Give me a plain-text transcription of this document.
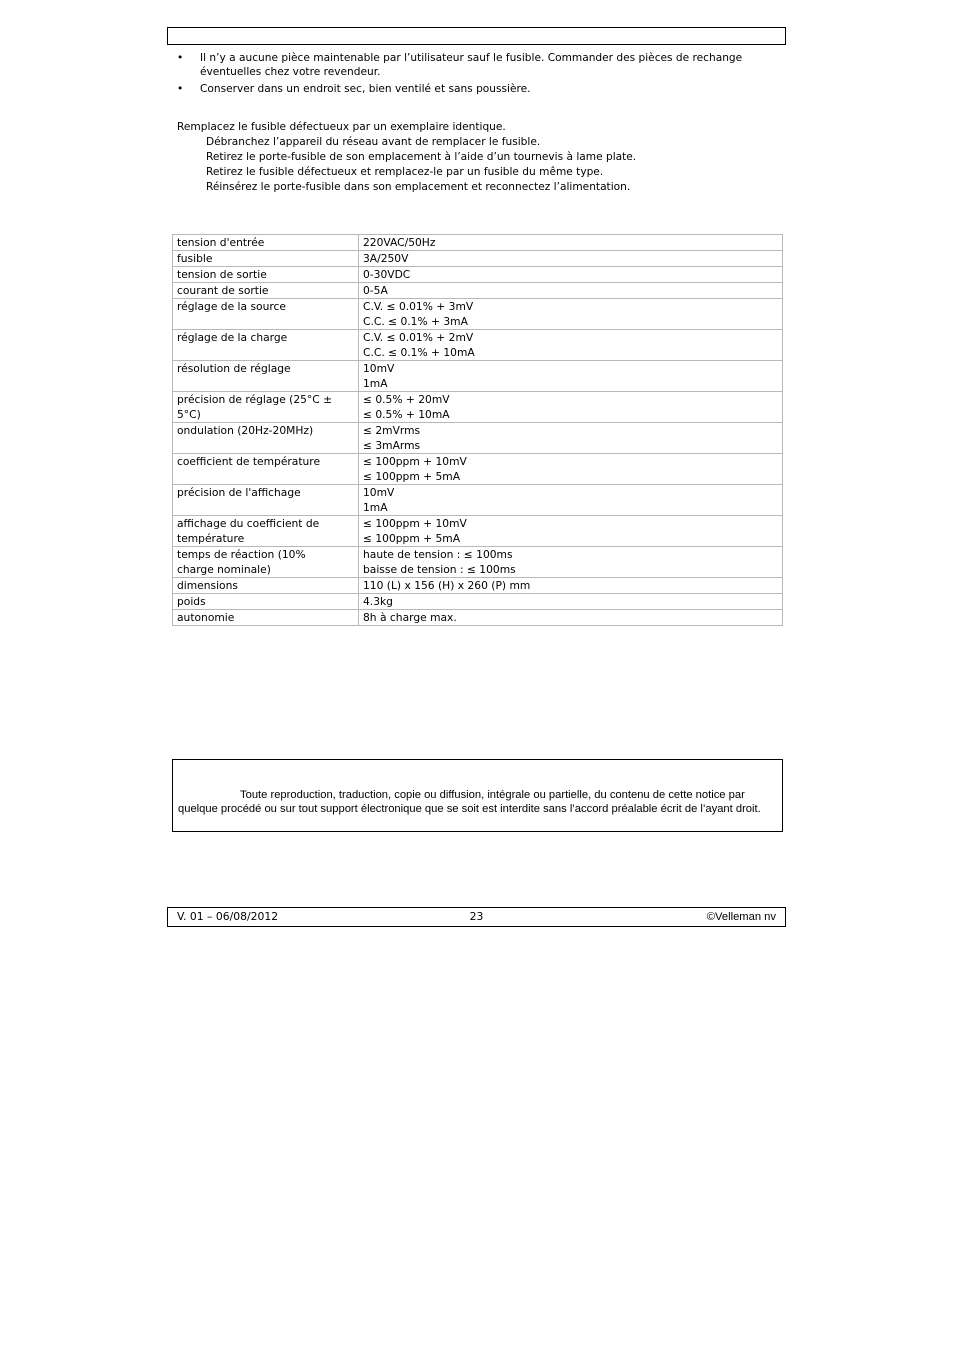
• Il n’y a aucune pièce maintenable par l’utilisateur sauf le fusible. Commander des pièces de rechange éventuelles chez votre revendeur.
• Conserver dans un endroit sec, bien ventilé et sans poussière.
Remplacez le fusible défectueux par un exemplaire identique.
Débranchez l’appareil du réseau avant de remplacer le fusible.
Retirez le porte-fusible de son emplacement à l’aide d’un tournevis à lame plate.
Retirez le fusible défectueux et remplacez-le par un fusible du même type.
Réinsérez le porte-fusible dans son emplacement et reconnectez l’alimentation.
tension d'entrée	220VAC/50Hz

fusible	3A/250V

tension de sortie	0-30VDC

courant de sortie	0-5A

réglage de la source	C.V. ≤ 0.01% + 3mV
C.C. ≤ 0.1% + 3mA

réglage de la charge	C.V. ≤ 0.01% + 2mV
C.C. ≤ 0.1% + 10mA

résolution de réglage	10mV
1mA

précision de réglage (25°C ± 5°C)	≤ 0.5% + 20mV
≤ 0.5% + 10mA

ondulation (20Hz-20MHz)	≤ 2mVrms
≤ 3mArms

coefficient de température	≤ 100ppm + 10mV
≤ 100ppm + 5mA

précision de l'affichage	10mV
1mA

affichage du coefficient de température	≤ 100ppm + 10mV
≤ 100ppm + 5mA

temps de réaction (10% charge nominale)	haute de tension : ≤ 100ms
baisse de tension : ≤ 100ms

dimensions	110 (L) x 156 (H) x 260 (P) mm

poids	4.3kg

autonomie	8h à charge max.
Toute reproduction, traduction, copie ou diffusion, intégrale ou partielle, du contenu de cette notice par quelque procédé ou sur tout support électronique que se soit est interdite sans l’accord préalable écrit de l’ayant droit.
V. 01 – 06/08/2012	23	©Velleman nv
